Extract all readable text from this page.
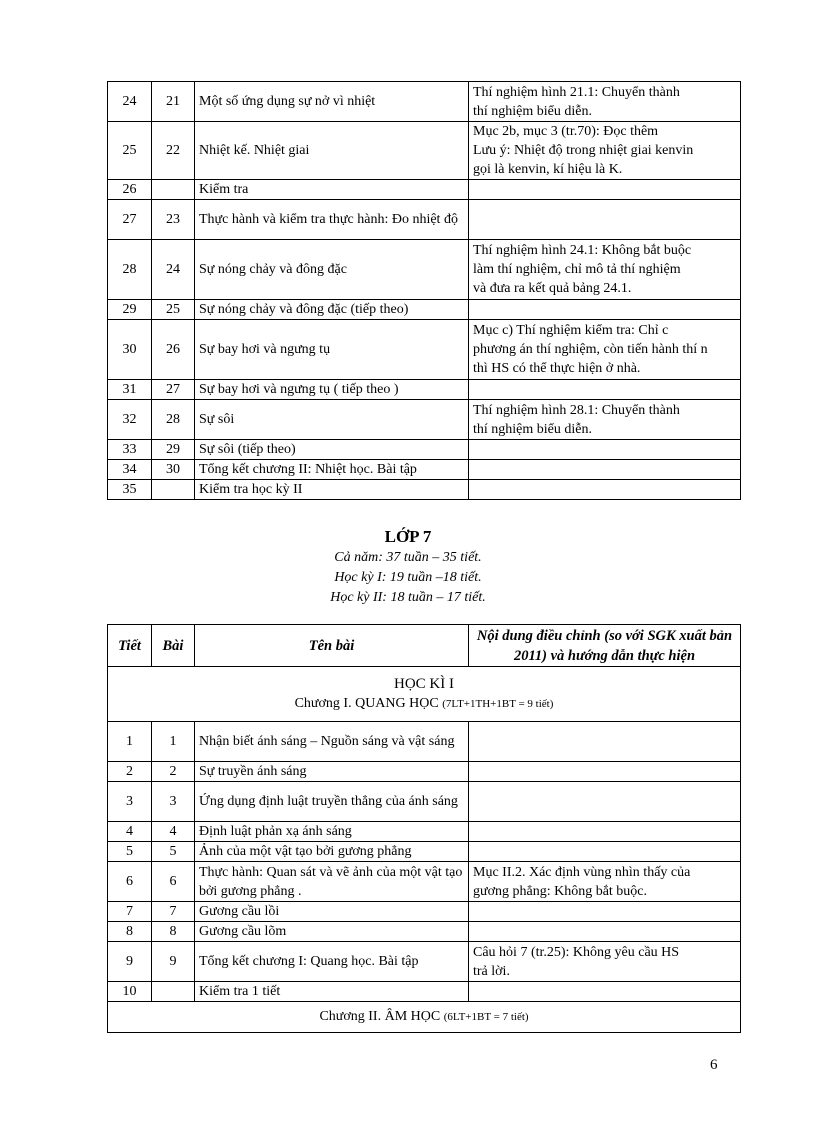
24	21	Một số ứng dụng sự nở vì nhiệt	Thí nghiệm hình 21.1: Chuyển thành
thí nghiệm biểu diễn.

25	22	Nhiệt kế. Nhiệt giai	Mục 2b, mục 3 (tr.70): Đọc thêm
Lưu ý: Nhiệt độ trong nhiệt giai kenvin
gọi là kenvin, kí hiệu là K.

26		Kiểm tra	
27	23	Thực hành và kiểm tra thực hành: Đo nhiệt độ	
28	24	Sự nóng chảy và đông đặc	Thí nghiệm hình 24.1: Không bắt buộc
làm thí nghiệm, chỉ mô tả thí nghiệm
và đưa ra kết quả bảng 24.1.

29	25	Sự nóng chảy và đông đặc (tiếp theo)	
30	26	Sự bay hơi và ngưng tụ	Mục c) Thí nghiệm kiểm tra: Chỉ c
phương án thí nghiệm, còn tiến hành thí n
thì HS có thể thực hiện ở nhà.

31	27	Sự bay hơi và ngưng tụ ( tiếp theo )	
32	28	Sự sôi	Thí nghiệm hình 28.1: Chuyển thành
thí nghiệm biểu diễn.

33	29	Sự sôi (tiếp theo)	
34	30	Tổng kết chương II: Nhiệt học. Bài tập	
35		Kiểm tra học kỳ II	
LỚP 7
Cả năm: 37 tuần – 35 tiết.
Học kỳ I: 19 tuần –18 tiết.
Học kỳ II: 18 tuần – 17 tiết.
Tiết	Bài	Tên bài	Nội dung điều chỉnh (so với SGK xuất bản 2011) và hướng dẫn thực hiện

HỌC KÌ I
Chương I. QUANG HỌC (7LT+1TH+1BT = 9 tiết)			

1	1	Nhận biết ánh sáng – Nguồn sáng và vật sáng	
2	2	Sự truyền ánh sáng	
3	3	Ứng dụng định luật truyền thẳng của ánh sáng	
4	4	Định luật phản xạ ánh sáng	
5	5	Ảnh của một vật tạo bởi gương phẳng	
6	6	Thực hành: Quan sát và vẽ ảnh của một vật tạo bởi gương phẳng .	Mục II.2. Xác định vùng nhìn thấy của
gương phẳng: Không bắt buộc.

7	7	Gương cầu lồi	
8	8	Gương cầu lõm	
9	9	Tổng kết chương I: Quang học. Bài tập	Câu hỏi 7 (tr.25): Không yêu cầu HS
trả lời.

10		Kiểm tra 1 tiết	

Chương II. ÂM HỌC (6LT+1BT = 7 tiết)			
6
